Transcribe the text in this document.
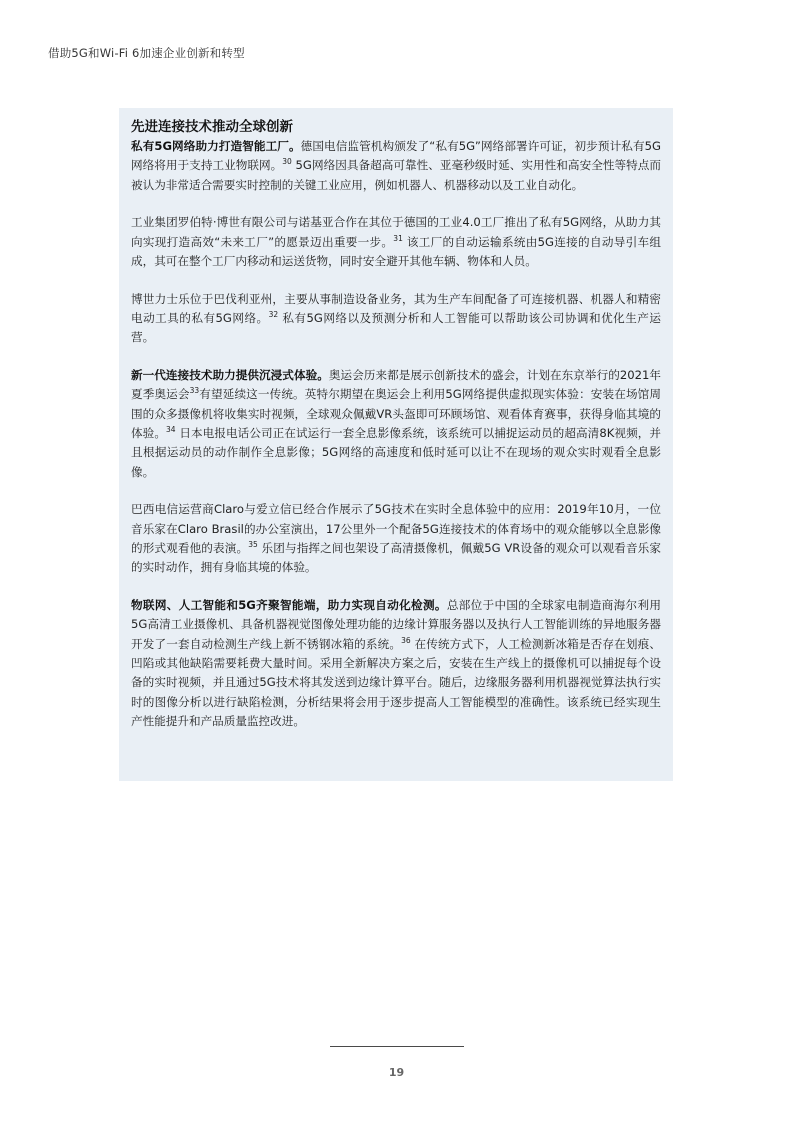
借助5G和Wi-Fi 6加速企业创新和转型
先进连接技术推动全球创新

私有5G网络助力打造智能工厂。德国电信监管机构颁发了“私有5G”网络部署许可证，初步预计私有5G网络将用于支持工业物联网。$^{30}$ 5G网络因具备超高可靠性、亚毫秒级时延、实用性和高安全性等特点而被认为非常适合需要实时控制的关键工业应用，例如机器人、机器移动以及工业自动化。

工业集团罗伯特·博世有限公司与诺基亚合作在其位于德国的工业4.0工厂推出了私有5G网络，从助力其向实现打造高效“未来工厂”的愿景迈出重要一步。$^{31}$ 该工厂的自动运输系统由5G连接的自动导引车组成，其可在整个工厂内移动和运送货物，同时安全避开其他车辆、物体和人员。

博世力士乐位于巴伐利亚州，主要从事制造设备业务，其为生产车间配备了可连接机器、机器人和精密电动工具的私有5G网络。$^{32}$ 私有5G网络以及预测分析和人工智能可以帮助该公司协调和优化生产运营。

新一代连接技术助力提供沉浸式体验。奥运会历来都是展示创新技术的盛会，计划在东京举行的2021年夏季奥运会$^{33}$有望延续这一传统。英特尔期望在奥运会上利用5G网络提供虚拟现实体验：安装在场馆周围的众多摄像机将收集实时视频，全球观众佩戴VR头盔即可环顾场馆、观看体育赛事，获得身临其境的体验。$^{34}$ 日本电报电话公司正在试运行一套全息影像系统，该系统可以捕捉运动员的超高清8K视频，并且根据运动员的动作制作全息影像；5G网络的高速度和低时延可以让不在现场的观众实时观看全息影像。

巴西电信运营商Claro与爱立信已经合作展示了5G技术在实时全息体验中的应用：2019年10月，一位音乐家在Claro Brasil的办公室演出，17公里外一个配备5G连接技术的体育场中的观众能够以全息影像的形式观看他的表演。$^{35}$ 乐团与指挥之间也架设了高清摄像机，佩戴5G VR设备的观众可以观看音乐家的实时动作，拥有身临其境的体验。

物联网、人工智能和5G齐聚智能端，助力实现自动化检测。总部位于中国的全球家电制造商海尔利用 5G高清工业摄像机、具备机器视觉图像处理功能的边缘计算服务器以及执行人工智能训练的异地服务器开发了一套自动检测生产线上新不锈钢冰箱的系统。$^{36}$ 在传统方式下，人工检测新冰箱是否存在划痕、凹陷或其他缺陷需要耗费大量时间。采用全新解决方案之后，安装在生产线上的摄像机可以捕捉每个设备的实时视频，并且通过5G技术将其发送到边缘计算平台。随后，边缘服务器利用机器视觉算法执行实时的图像分析以进行缺陷检测，分析结果将会用于逐步提高人工智能模型的准确性。该系统已经实现生产性能提升和产品质量监控改进。

19
